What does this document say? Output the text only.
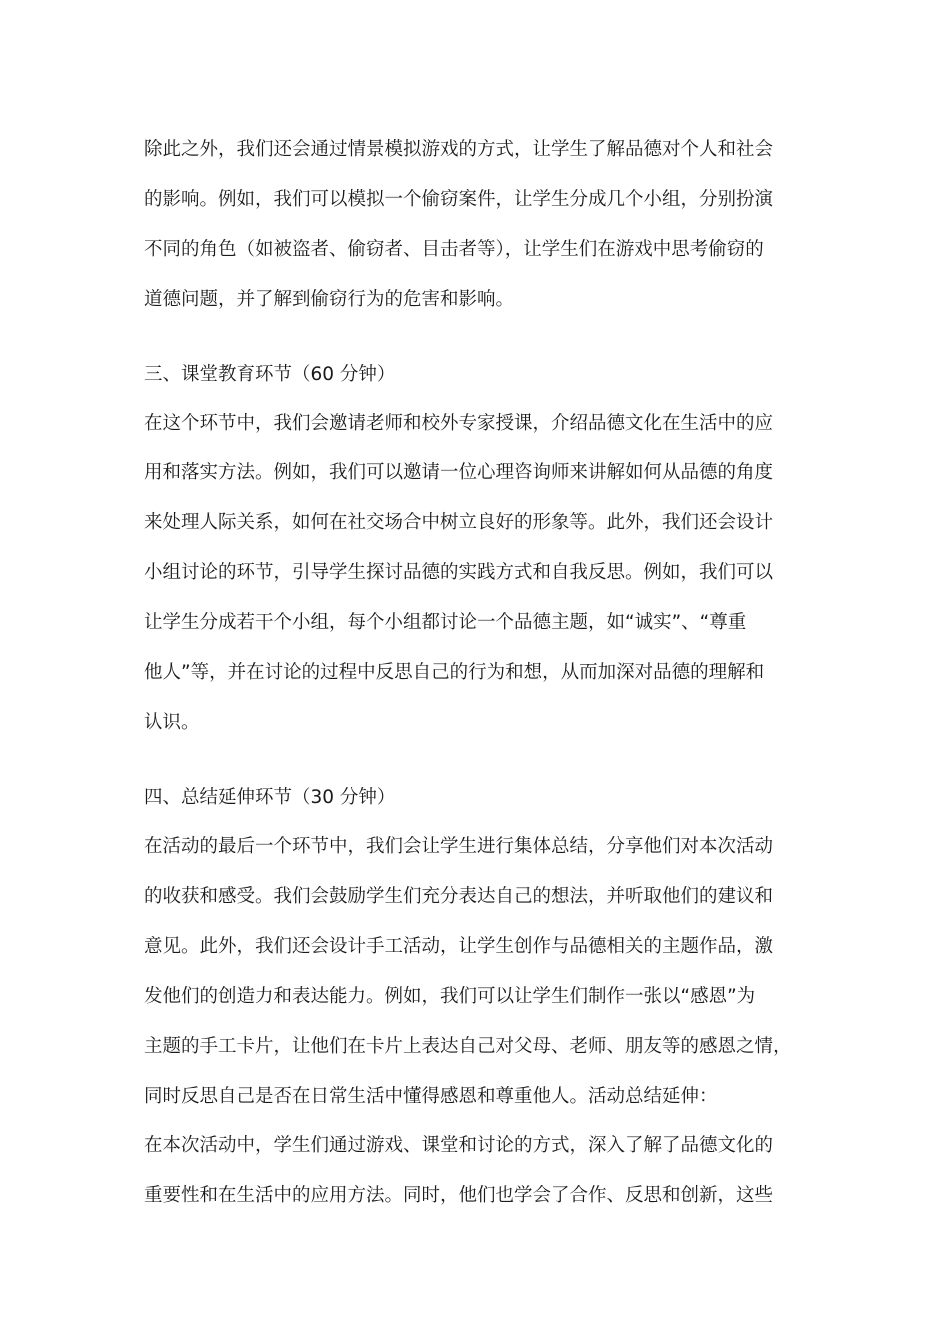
除此之外，我们还会通过情景模拟游戏的方式，让学生了解品德对个人和社会
的影响。例如，我们可以模拟一个偷窃案件，让学生分成几个小组，分别扮演
不同的角色（如被盗者、偷窃者、目击者等），让学生们在游戏中思考偷窃的
道德问题，并了解到偷窃行为的危害和影响。
三、课堂教育环节（60 分钟）
在这个环节中，我们会邀请老师和校外专家授课，介绍品德文化在生活中的应
用和落实方法。例如，我们可以邀请一位心理咨询师来讲解如何从品德的角度
来处理人际关系，如何在社交场合中树立良好的形象等。此外，我们还会设计
小组讨论的环节，引导学生探讨品德的实践方式和自我反思。例如，我们可以
让学生分成若干个小组，每个小组都讨论一个品德主题，如“诚实”、“尊重
他人”等，并在讨论的过程中反思自己的行为和想，从而加深对品德的理解和
认识。
四、总结延伸环节（30 分钟）
在活动的最后一个环节中，我们会让学生进行集体总结，分享他们对本次活动
的收获和感受。我们会鼓励学生们充分表达自己的想法，并听取他们的建议和
意见。此外，我们还会设计手工活动，让学生创作与品德相关的主题作品，激
发他们的创造力和表达能力。例如，我们可以让学生们制作一张以“感恩”为
主题的手工卡片，让他们在卡片上表达自己对父母、老师、朋友等的感恩之情，
同时反思自己是否在日常生活中懂得感恩和尊重他人。活动总结延伸：
在本次活动中，学生们通过游戏、课堂和讨论的方式，深入了解了品德文化的
重要性和在生活中的应用方法。同时，他们也学会了合作、反思和创新，这些
